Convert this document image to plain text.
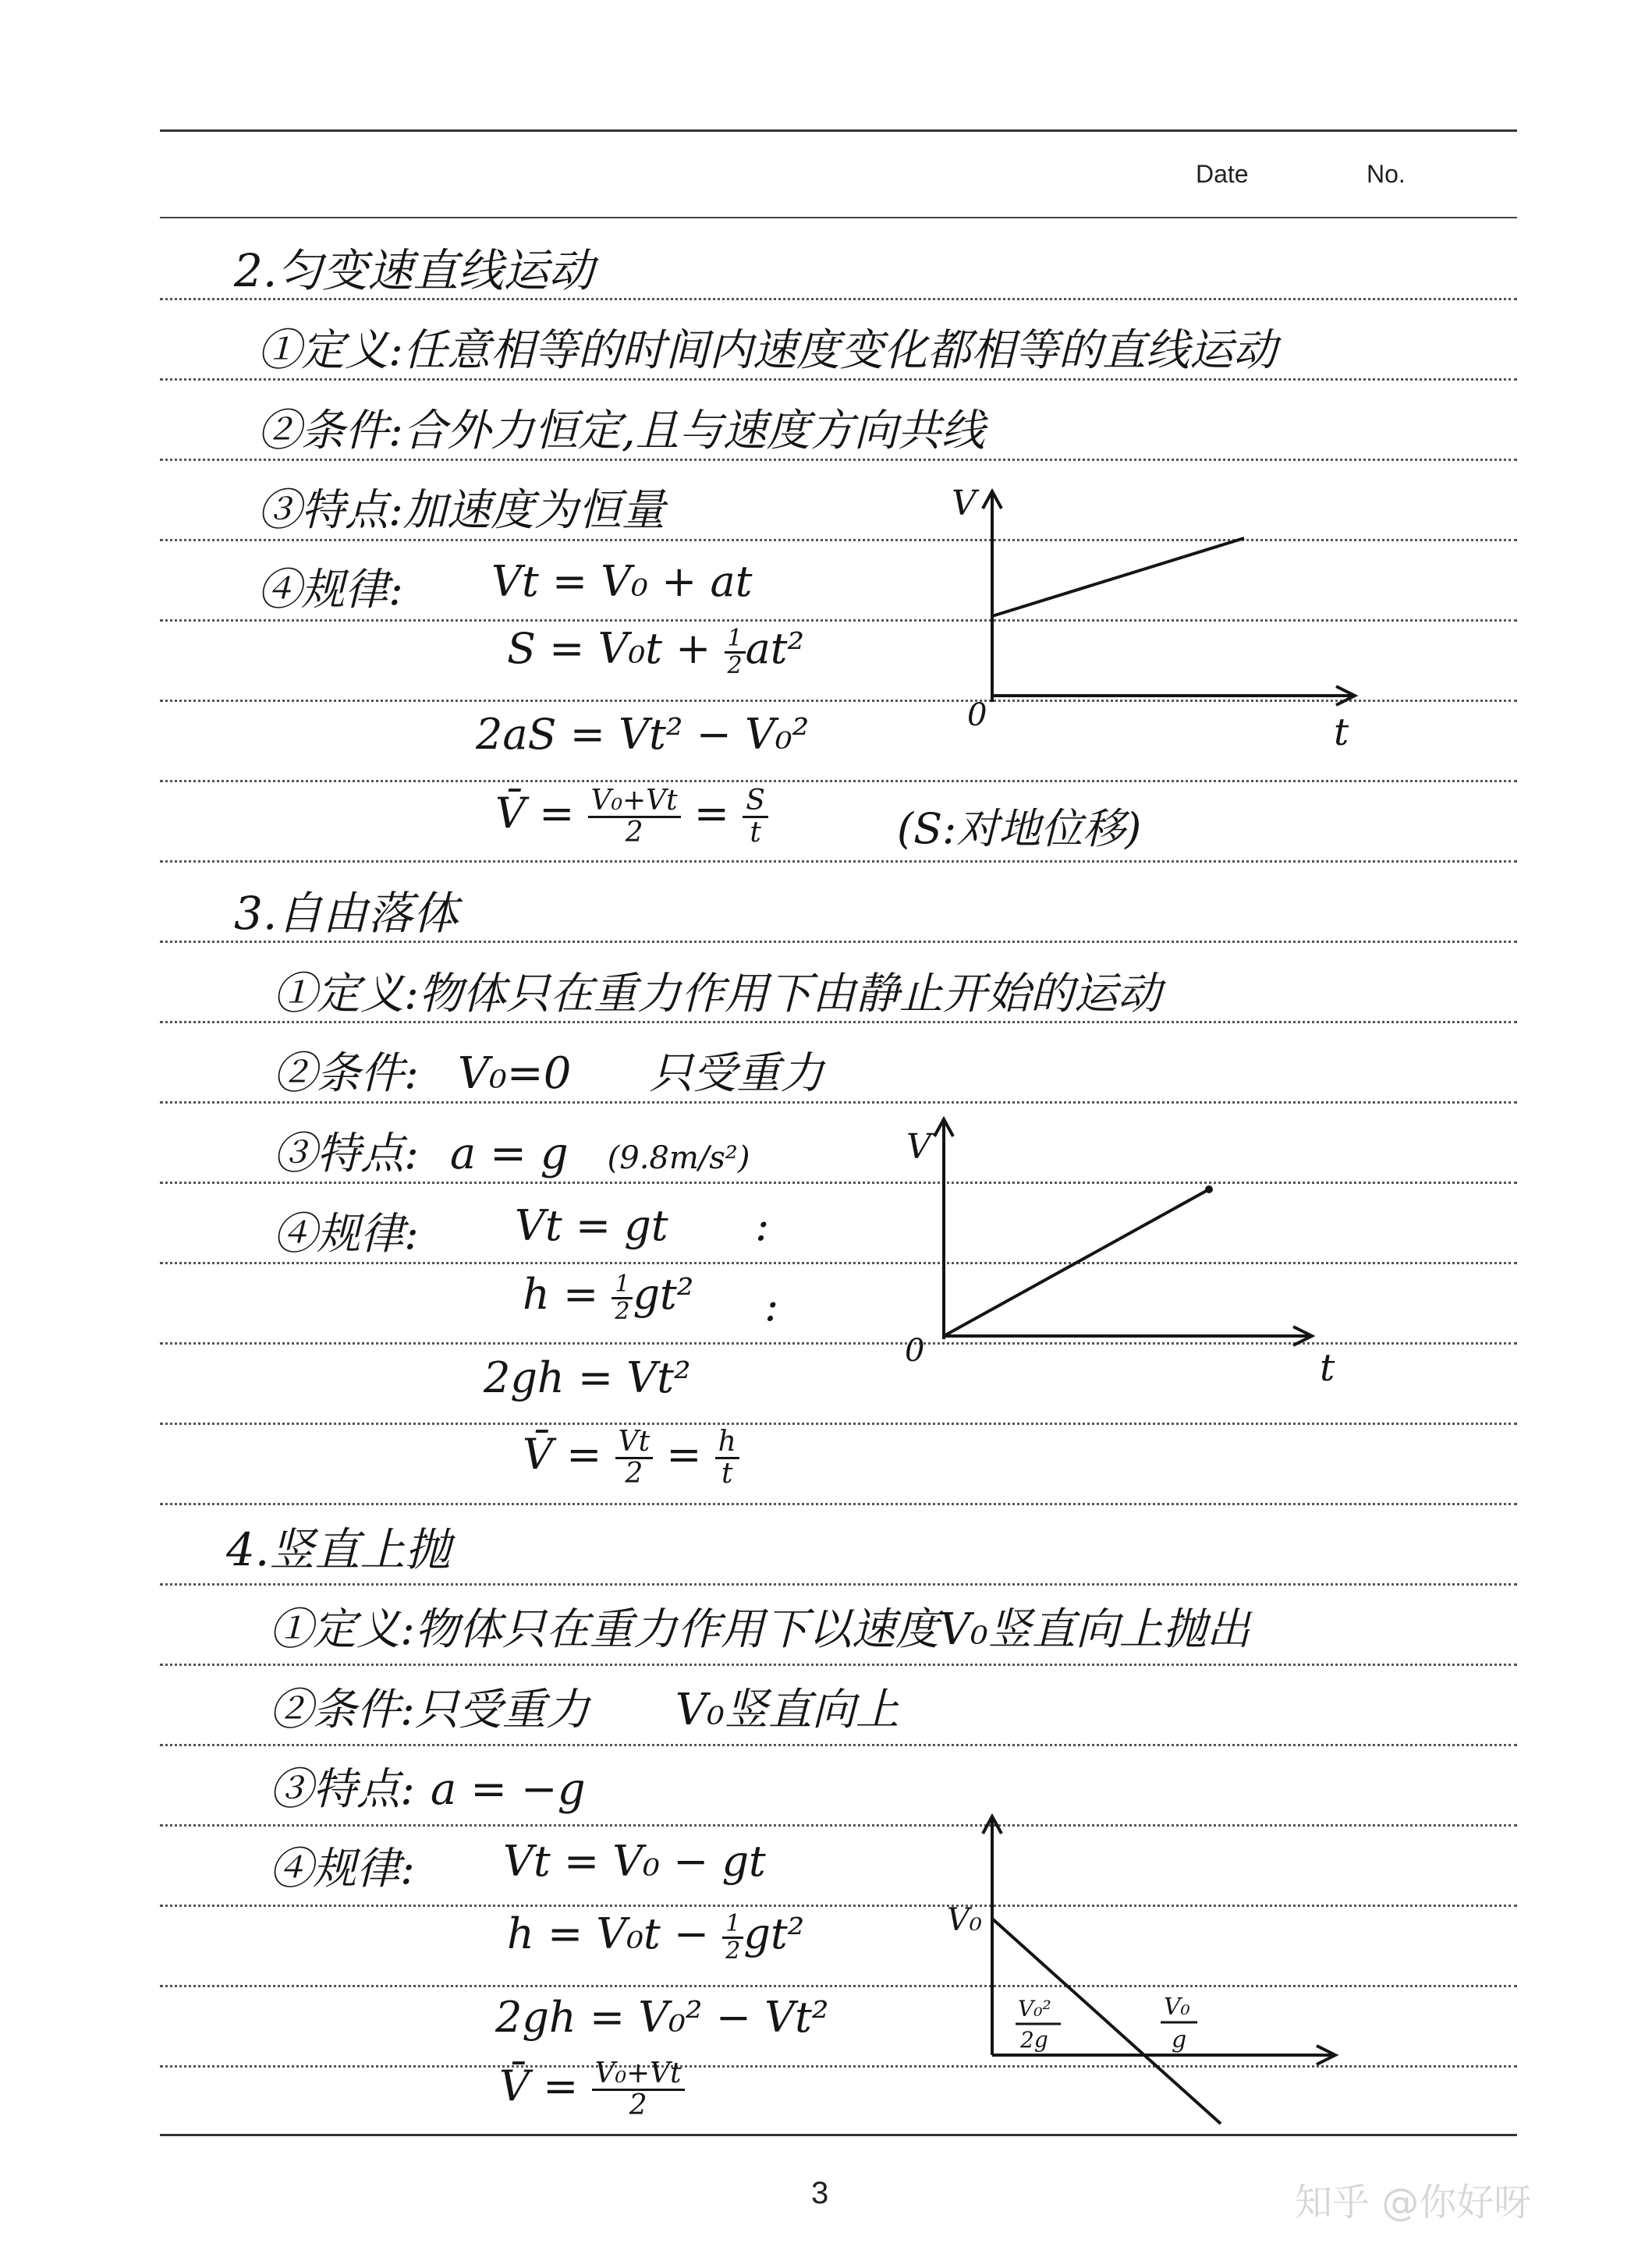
Date	No.
2.匀变速直线运动
①定义:任意相等的时间内速度变化都相等的直线运动
②条件:合外力恒定,且与速度方向共线
③特点:加速度为恒量
④规律: Vt = V₀ + at
$S = V_0t + \frac{1}{2} at^2$
2aS = Vt² − V₀²
V̄ = $\frac{\text{V₀+Vt}}{2} = \frac{S}{t}$	(S:对地位移)
V
t
0
3.自由落体
①定义:物体只在重力作用下由静止开始的运动
②条件: V₀=0 只受重力
③特点: a = g (9.8m/s²)
④规律: Vt = gt :
$h = \frac{1}{2} gt^2$ :
2gh = Vt²
V̄ = $\frac{Vt}{2} = \frac{h}{t}$
V
t
0
4.竖直上抛
①定义:物体只在重力作用下以速度V₀竖直向上抛出
②条件:只受重力 V₀竖直向上
③特点: a = −g
④规律: Vt = V₀ − gt
$h = V_0t - \frac{1}{2} gt^2$
2gh = V₀² − Vt²
V̄ = $\frac{\text{V₀+Vt}}{2}$
V₀
V₀²
2g
V₀
g
3	知乎 @你好呀
